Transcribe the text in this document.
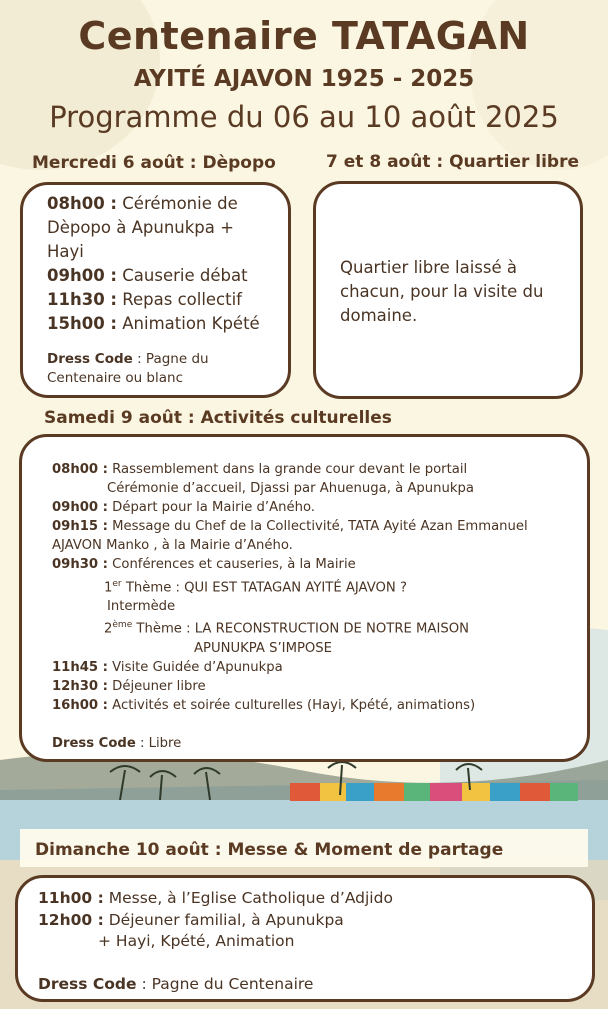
Centenaire TATAGAN
AYITÉ AJAVON 1925 - 2025
Programme du 06 au 10 août 2025
Mercredi 6 août : Dèpopo
08h00 : Cérémonie de Dèpopo à Apunukpa + Hayi
09h00 : Causerie débat
11h30 : Repas collectif
15h00 : Animation Kpété
Dress Code : Pagne du Centenaire ou blanc
7 et 8 août : Quartier libre
Quartier libre laissé à chacun, pour la visite du domaine.
Samedi 9 août : Activités culturelles
08h00 : Rassemblement dans la grande cour devant le portail
Cérémonie d’accueil, Djassi par Ahuenuga, à Apunukpa
09h00 : Départ pour la Mairie d’Aného.
09h15 : Message du Chef de la Collectivité, TATA Ayité Azan Emmanuel
AJAVON Manko , à la Mairie d’Aného.
09h30 : Conférences et causeries, à la Mairie
1er Thème : QUI EST TATAGAN AYITÉ AJAVON ?
Intermède
2ème Thème : LA RECONSTRUCTION DE NOTRE MAISON
APUNUKPA S’IMPOSE
11h45 : Visite Guidée d’Apunukpa
12h30 : Déjeuner libre
16h00 : Activités et soirée culturelles (Hayi, Kpété, animations)
Dress Code : Libre
Dimanche 10 août : Messe & Moment de partage
11h00 : Messe, à l’Eglise Catholique d’Adjido
12h00 : Déjeuner familial, à Apunukpa
+ Hayi, Kpété, Animation
Dress Code : Pagne du Centenaire
